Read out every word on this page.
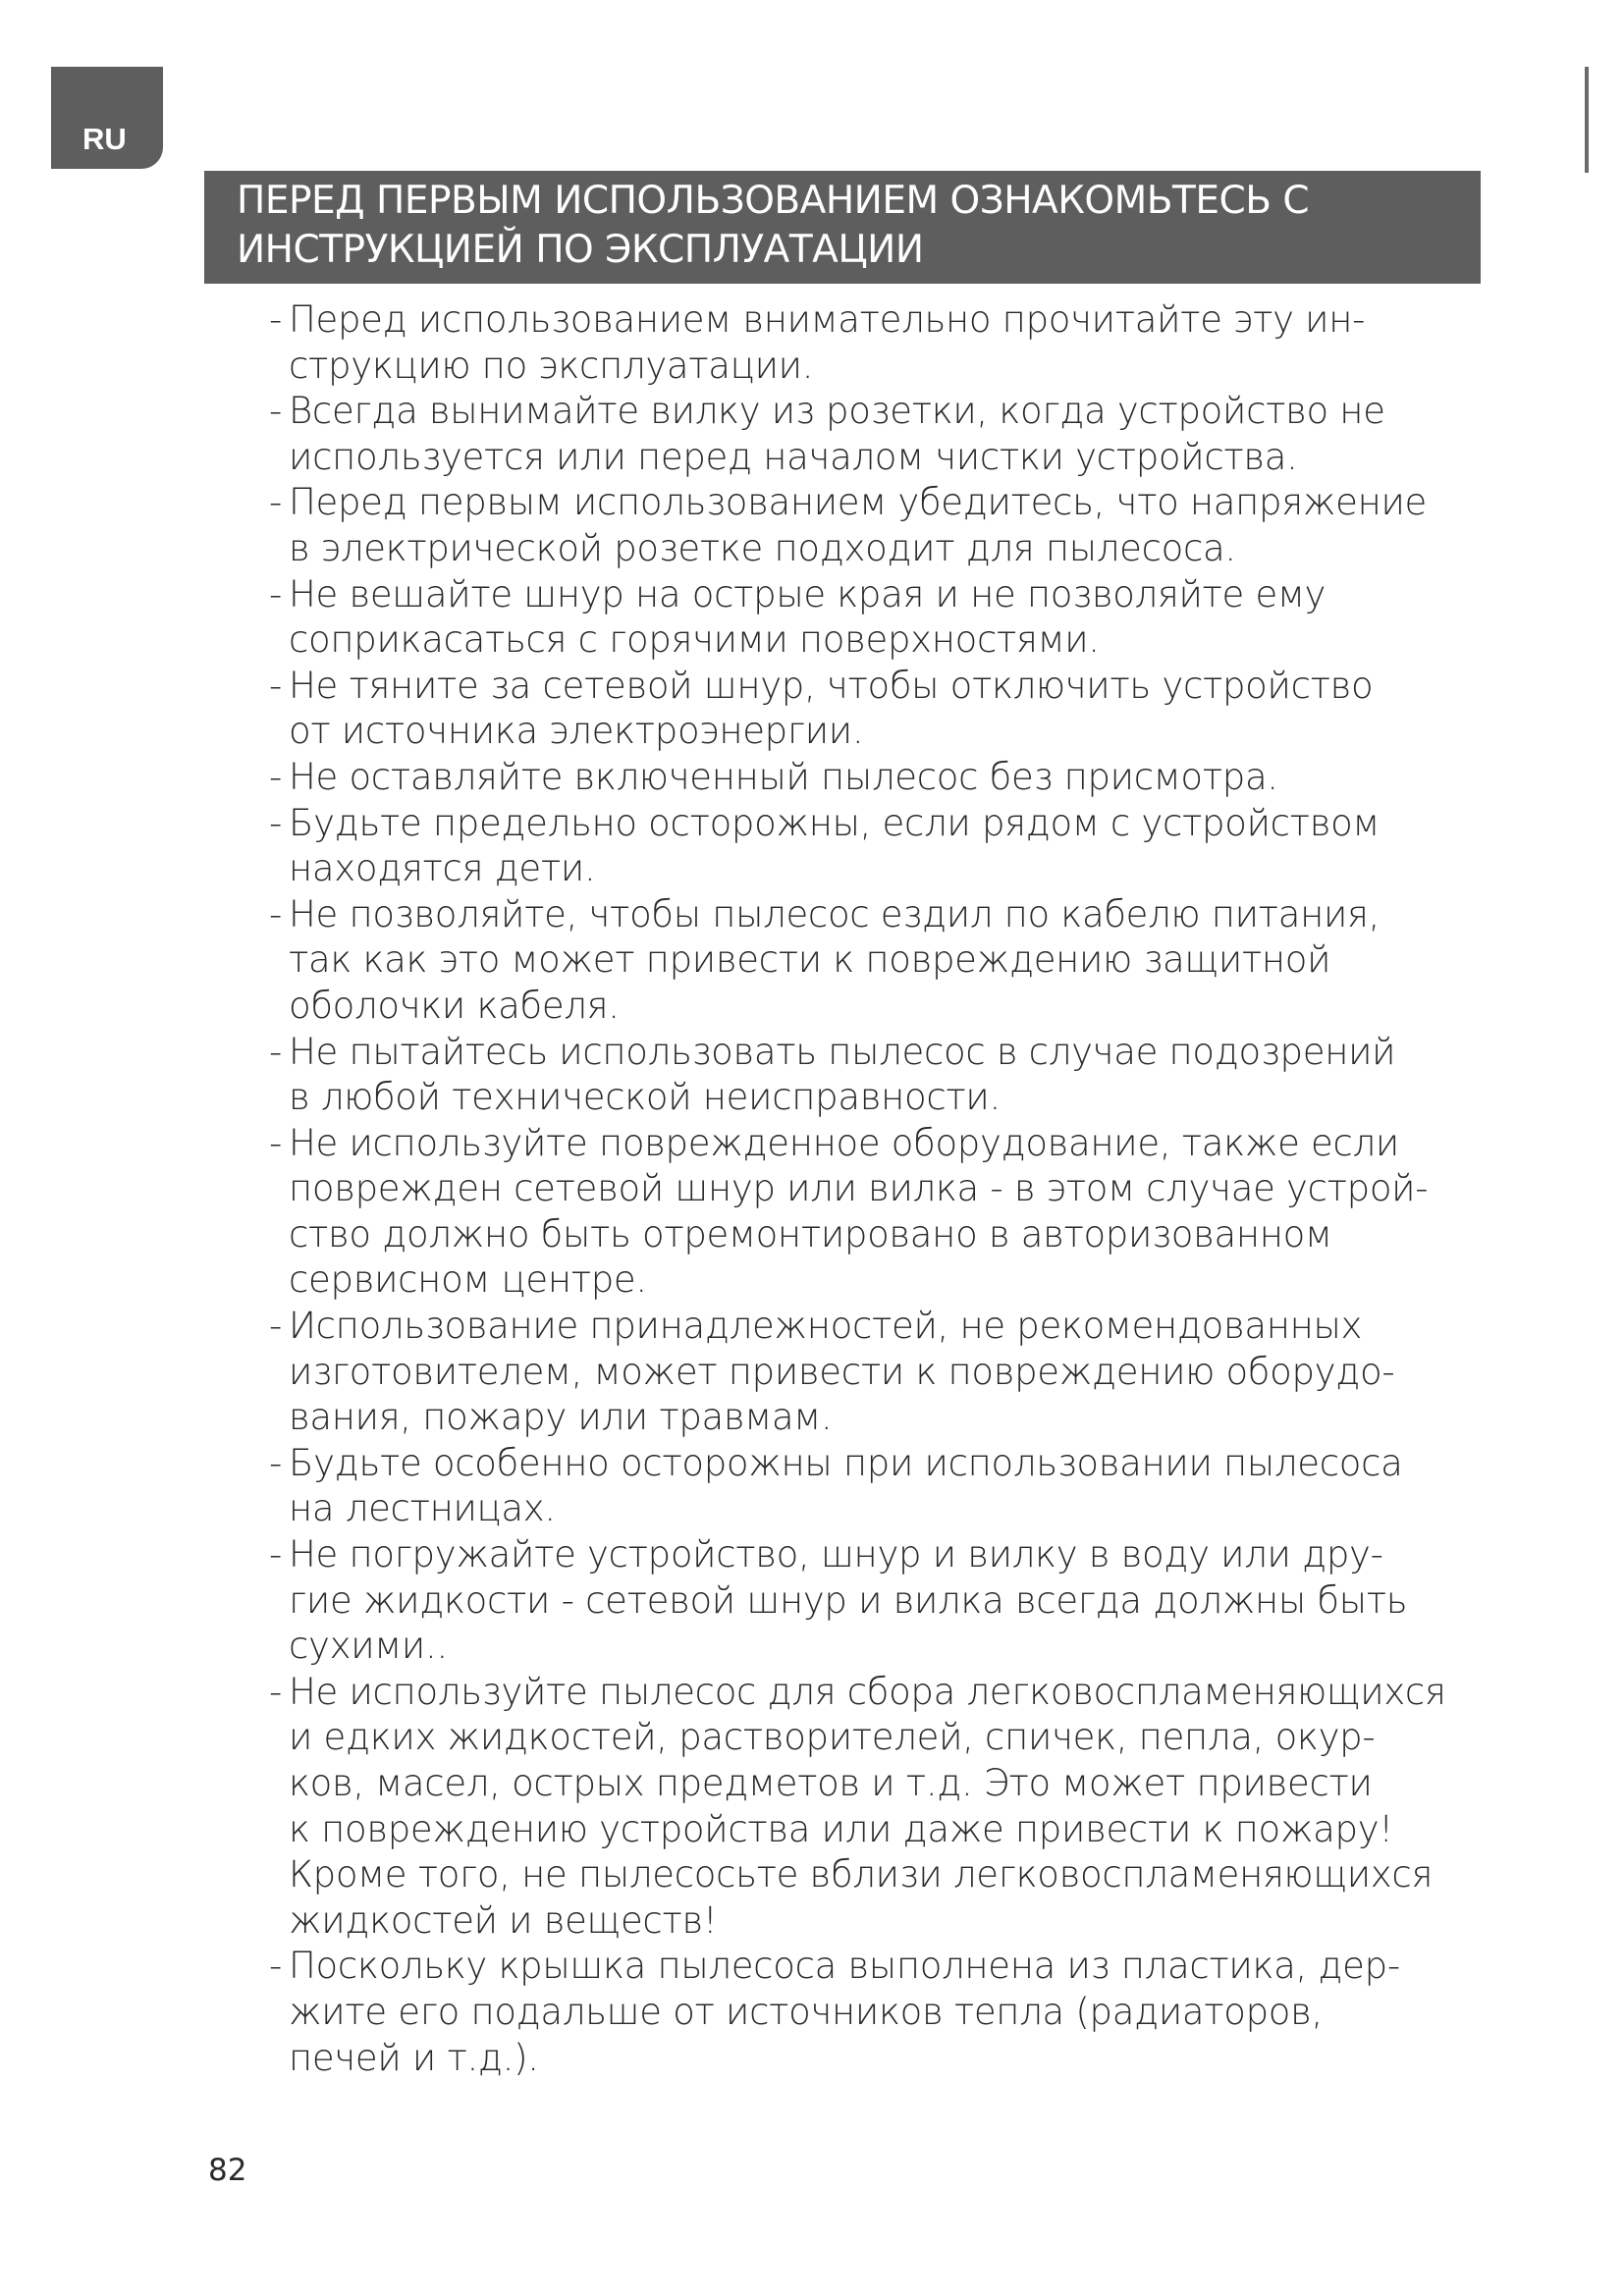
RU
ПЕРЕД ПЕРВЫМ ИСПОЛЬЗОВАНИЕМ ОЗНАКОМЬТЕСЬ С
ИНСТРУКЦИЕЙ ПО ЭКСПЛУАТАЦИИ
- Перед использованием внимательно прочитайте эту ин-
струкцию по эксплуатации.
- Всегда вынимайте вилку из розетки, когда устройство не
используется или перед началом чистки устройства.
- Перед первым использованием убедитесь, что напряжение
в электрической розетке подходит для пылесоса.
- Не вешайте шнур на острые края и не позволяйте ему
соприкасаться с горячими поверхностями.
- Не тяните за сетевой шнур, чтобы отключить устройство
от источника электроэнергии.
- Не оставляйте включенный пылесос без присмотра.
- Будьте предельно осторожны, если рядом с устройством
находятся дети.
- Не позволяйте, чтобы пылесос ездил по кабелю питания,
так как это может привести к повреждению защитной
оболочки кабеля.
- Не пытайтесь использовать пылесос в случае подозрений
в любой технической неисправности.
- Не используйте поврежденное оборудование, также если
поврежден сетевой шнур или вилка - в этом случае устрой-
ство должно быть отремонтировано в авторизованном
сервисном центре.
- Использование принадлежностей, не рекомендованных
изготовителем, может привести к повреждению оборудо-
вания, пожару или травмам.
- Будьте особенно осторожны при использовании пылесоса
на лестницах.
- Не погружайте устройство, шнур и вилку в воду или дру-
гие жидкости - сетевой шнур и вилка всегда должны быть
сухими..
- Не используйте пылесос для сбора легковоспламеняющихся
и едких жидкостей, растворителей, спичек, пепла, окур-
ков, масел, острых предметов и т.д. Это может привести
к повреждению устройства или даже привести к пожару!
Кроме того, не пылесосьте вблизи легковоспламеняющихся
жидкостей и веществ!
- Поскольку крышка пылесоса выполнена из пластика, дер-
жите его подальше от источников тепла (радиаторов,
печей и т.д.).
82
